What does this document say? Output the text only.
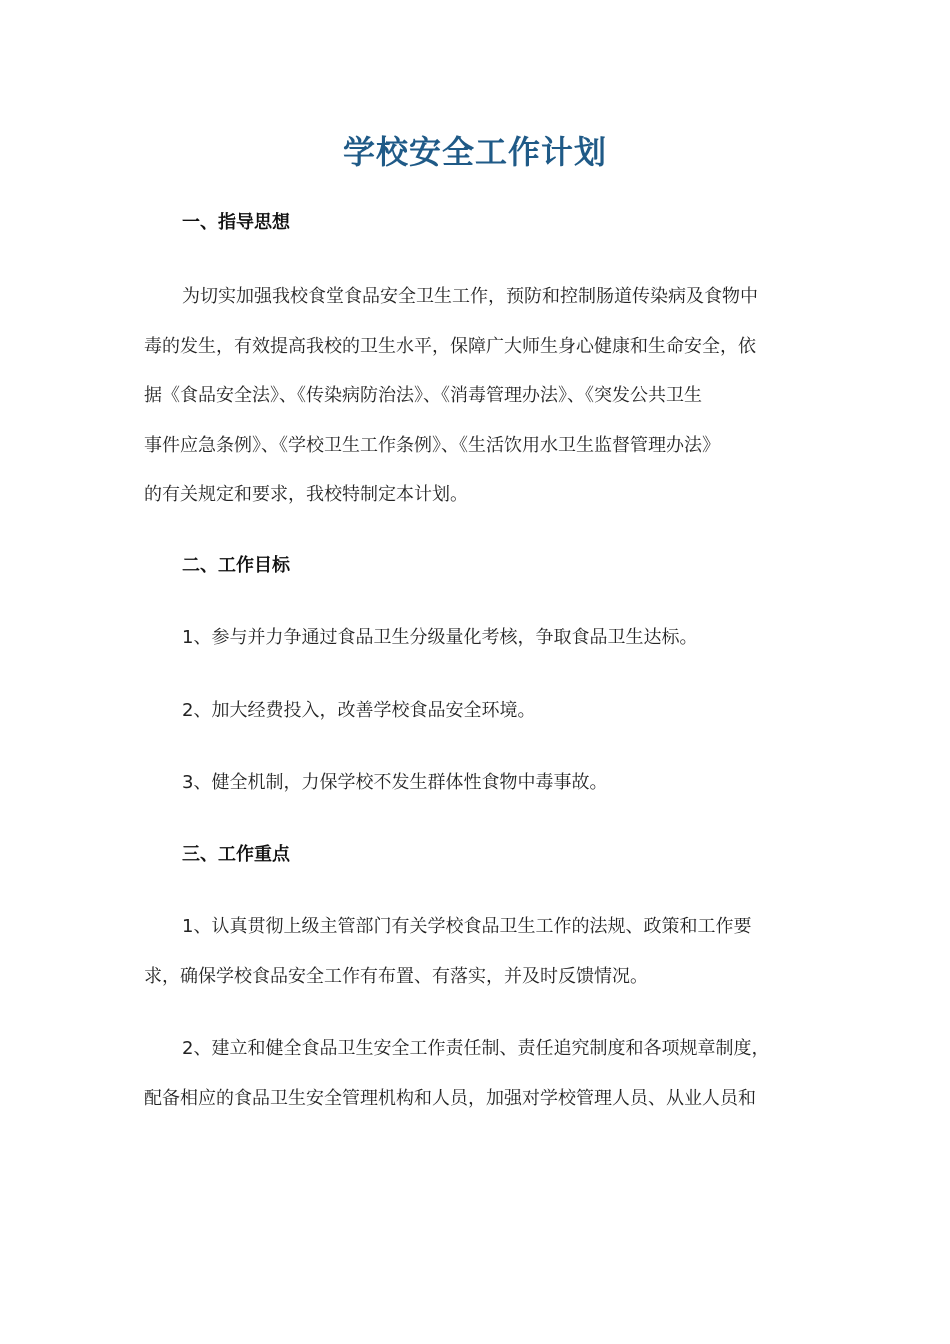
学校安全工作计划
一、指导思想
为切实加强我校食堂食品安全卫生工作，预防和控制肠道传染病及食物中
毒的发生，有效提高我校的卫生水平，保障广大师生身心健康和生命安全，依
据《食品安全法》、《传染病防治法》、《消毒管理办法》、《突发公共卫生
事件应急条例》、《学校卫生工作条例》、《生活饮用水卫生监督管理办法》
的有关规定和要求，我校特制定本计划。
二、工作目标
1、参与并力争通过食品卫生分级量化考核，争取食品卫生达标。
2、加大经费投入，改善学校食品安全环境。
3、健全机制，力保学校不发生群体性食物中毒事故。
三、工作重点
1、认真贯彻上级主管部门有关学校食品卫生工作的法规、政策和工作要
求，确保学校食品安全工作有布置、有落实，并及时反馈情况。
2、建立和健全食品卫生安全工作责任制、责任追究制度和各项规章制度，
配备相应的食品卫生安全管理机构和人员，加强对学校管理人员、从业人员和
